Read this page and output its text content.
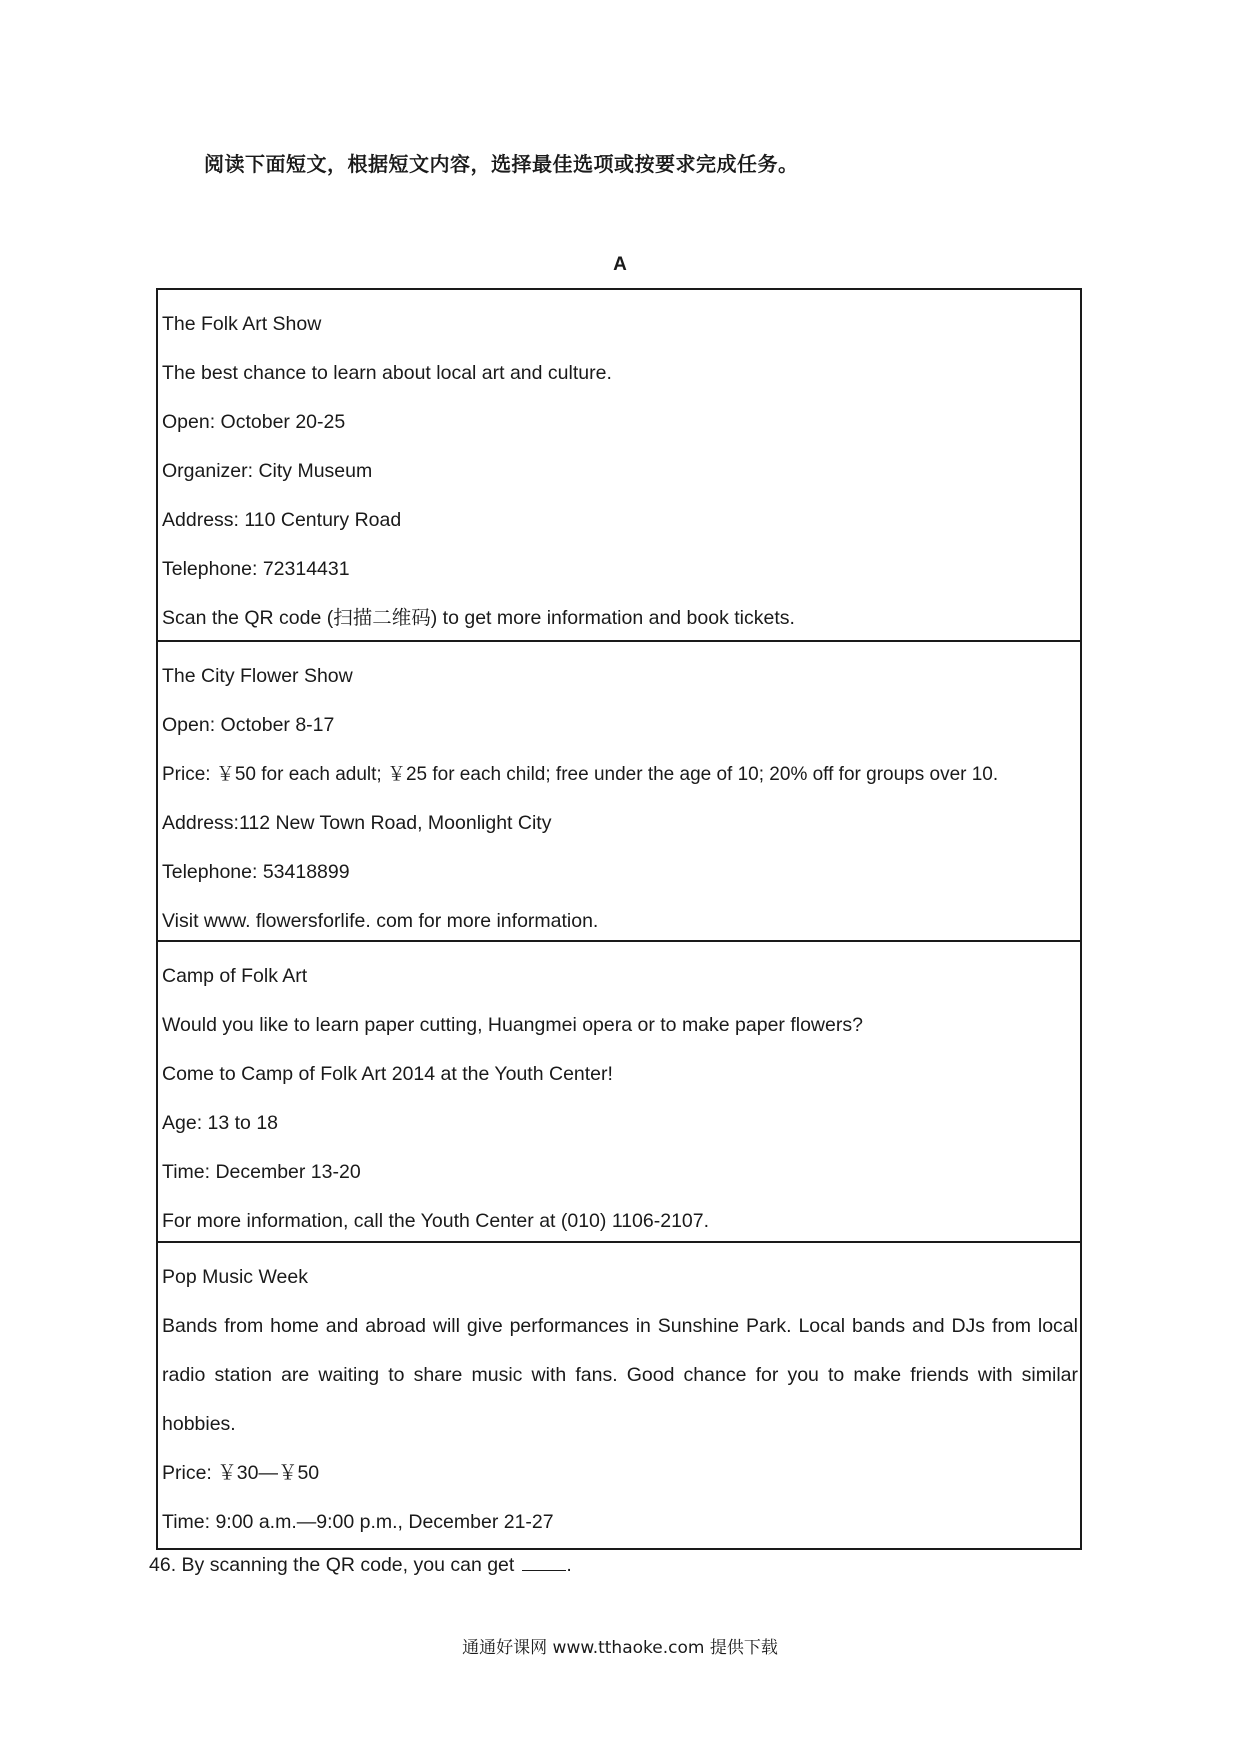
阅读下面短文，根据短文内容，选择最佳选项或按要求完成任务。
A
The Folk Art Show
The best chance to learn about local art and culture.
Open: October 20-25
Organizer: City Museum
Address: 110 Century Road
Telephone: 72314431
Scan the QR code (扫描二维码) to get more information and book tickets.
The City Flower Show
Open: October 8-17
Price: ￥50 for each adult; ￥25 for each child; free under the age of 10; 20% off for groups over 10.
Address:112 New Town Road, Moonlight City
Telephone: 53418899
Visit www. flowersforlife. com for more information.
Camp of Folk Art
Would you like to learn paper cutting, Huangmei opera or to make paper flowers?
Come to Camp of Folk Art 2014 at the Youth Center!
Age: 13 to 18
Time: December 13-20
For more information, call the Youth Center at (010) 1106-2107.
Pop Music Week
Bands from home and abroad will give performances in Sunshine Park. Local bands and DJs from local radio station are waiting to share music with fans. Good chance for you to make friends with similar hobbies.
Price: ￥30—￥50
Time: 9:00 a.m.—9:00 p.m., December 21-27
46. By scanning the QR code, you can get	.
通通好课网 www.tthaoke.com 提供下载
